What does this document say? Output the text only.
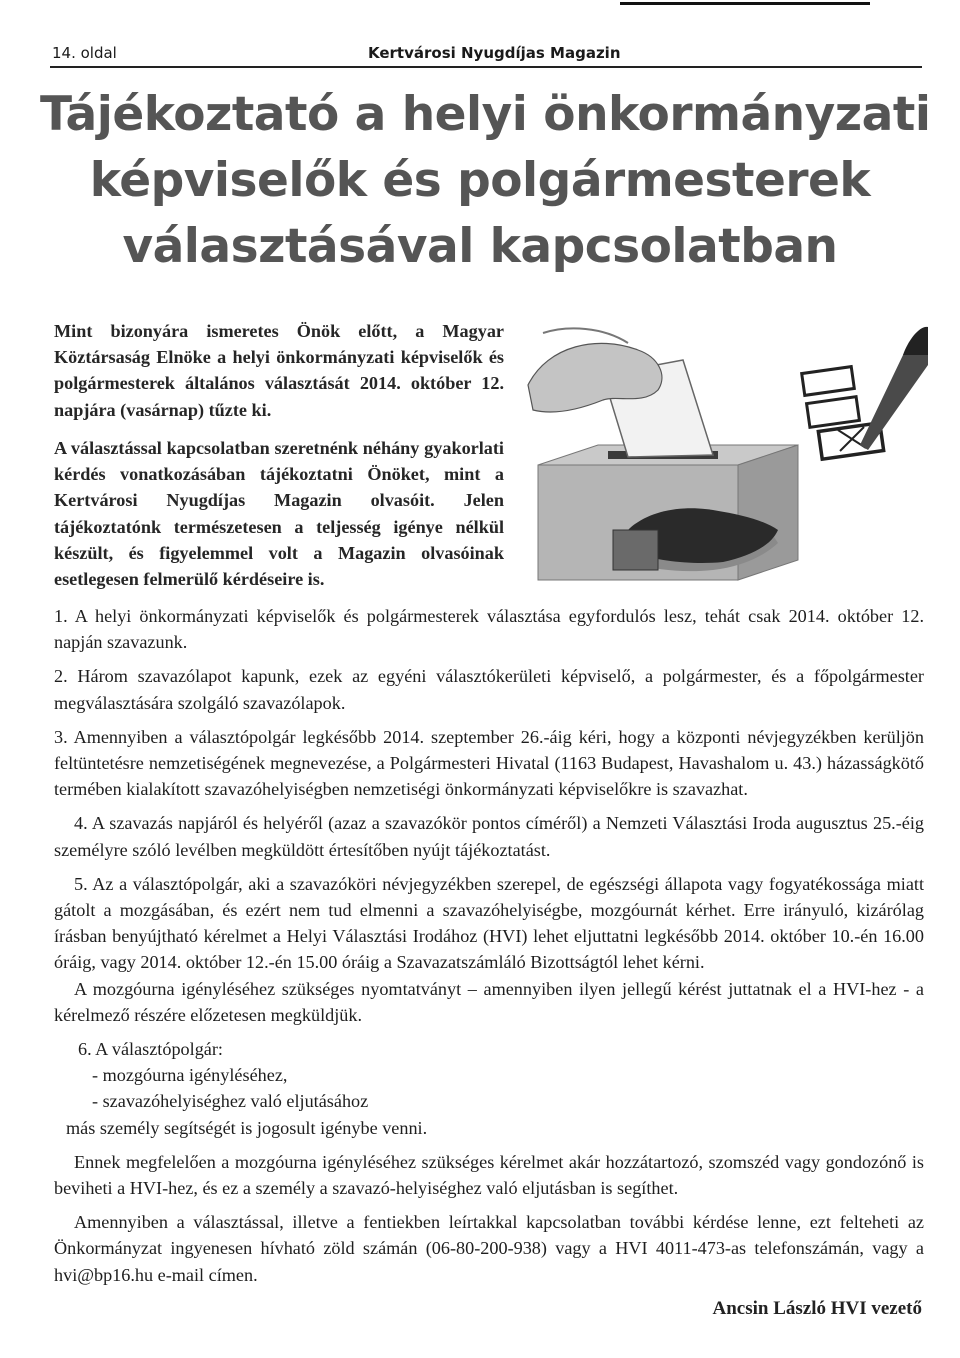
14. oldal	Kertvárosi Nyugdíjas Magazin
Tájékoztató a helyi önkormányzati
képviselők és polgármesterek
választásával kapcsolatban
Mint bizonyára ismeretes Önök előtt, a Magyar Köztársaság Elnöke a helyi önkormányzati képviselők és polgármesterek általános választását 2014. október 12. napjára (vasárnap) tűzte ki.
A választással kapcsolatban szeretnénk néhány gyakorlati kérdés vonatkozásában tájékoztatni Önöket, mint a Kertvárosi Nyugdíjas Magazin olvasóit. Jelen tájékoztatónk természetesen a teljesség igénye nélkül készült, és figyelemmel volt a Magazin olvasóinak esetlegesen felmerülő kérdéseire is.

1. A helyi önkormányzati képviselők és polgármesterek választása egyfordulós lesz, tehát csak 2014. október 12. napján szavazunk.

2. Három szavazólapot kapunk, ezek az egyéni választókerületi képviselő, a polgármester, és a főpolgármester megválasztására szolgáló szavazólapok.

3. Amennyiben a választópolgár legkésőbb 2014. szeptember 26.-áig kéri, hogy a központi névjegyzékben kerüljön feltüntetésre nemzetiségének megnevezése, a Polgármesteri Hivatal (1163 Budapest, Havashalom u. 43.) házasságkötő termében kialakított szavazóhelyiségben nemzetiségi önkormányzati képviselőkre is szavazhat.

4. A szavazás napjáról és helyéről (azaz a szavazókör pontos címéről) a Nemzeti Választási Iroda augusztus 25.-éig személyre szóló levélben megküldött értesítőben nyújt tájékoztatást.

5. Az a választópolgár, aki a szavazóköri névjegyzékben szerepel, de egészségi állapota vagy fogyatékossága miatt gátolt a mozgásában, és ezért nem tud elmenni a szavazóhelyiségbe, mozgóurnát kérhet. Erre irányuló, kizárólag írásban benyújtható kérelmet a Helyi Választási Irodához (HVI) lehet eljuttatni legkésőbb 2014. október 10.-én 16.00 óráig, vagy 2014. október 12.-én 15.00 óráig a Szavazatszámláló Bizottságtól lehet kérni.

A mozgóurna igényléséhez szükséges nyomtatványt – amennyiben ilyen jellegű kérést juttatnak el a HVI-hez - a kérelmező részére előzetesen megküldjük.

6. A választópolgár:
- mozgóurna igényléséhez,
- szavazóhelyiséghez való eljutásához
más személy segítségét is jogosult igénybe venni.

Ennek megfelelően a mozgóurna igényléséhez szükséges kérelmet akár hozzátartozó, szomszéd vagy gondozónő is beviheti a HVI-hez, és ez a személy a szavazó-helyiséghez való eljutásban is segíthet.

Amennyiben a választással, illetve a fentiekben leírtakkal kapcsolatban további kérdése lenne, ezt felteheti az Önkormányzat ingyenesen hívható zöld számán (06-80-200-938) vagy a HVI 4011-473-as telefonszámán, vagy a hvi@bp16.hu e-mail címen.

Ancsin László HVI vezető
